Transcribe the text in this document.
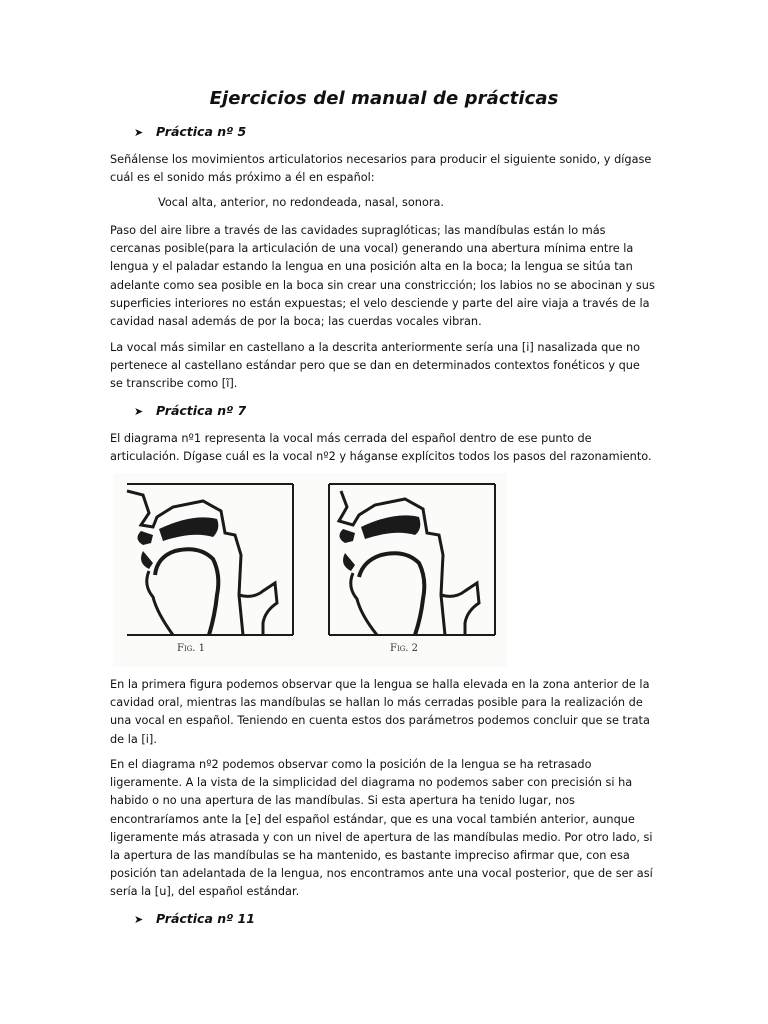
Ejercicios del manual de prácticas
➤ Práctica nº 5
Señálense los movimientos articulatorios necesarios para producir el siguiente sonido, y dígase
cuál es el sonido más próximo a él en español:
Vocal alta, anterior, no redondeada, nasal, sonora.
Paso del aire libre a través de las cavidades supraglóticas; las mandíbulas están lo más
cercanas posible(para la articulación de una vocal) generando una abertura mínima entre la
lengua y el paladar estando la lengua en una posición alta en la boca; la lengua se sitúa tan
adelante como sea posible en la boca sin crear una constricción; los labios no se abocinan y sus
superficies interiores no están expuestas; el velo desciende y parte del aire viaja a través de la
cavidad nasal además de por la boca; las cuerdas vocales vibran.
La vocal más similar en castellano a la descrita anteriormente sería una [i] nasalizada que no
pertenece al castellano estándar pero que se dan en determinados contextos fonéticos y que
se transcribe como [ĩ].
➤ Práctica nº 7
El diagrama nº1 representa la vocal más cerrada del español dentro de ese punto de
articulación. Dígase cuál es la vocal nº2 y háganse explícitos todos los pasos del razonamiento.
Fig. 1	Fig. 2
En la primera figura podemos observar que la lengua se halla elevada en la zona anterior de la
cavidad oral, mientras las mandíbulas se hallan lo más cerradas posible para la realización de
una vocal en español. Teniendo en cuenta estos dos parámetros podemos concluir que se trata
de la [i].
En el diagrama nº2 podemos observar como la posición de la lengua se ha retrasado
ligeramente. A la vista de la simplicidad del diagrama no podemos saber con precisión si ha
habido o no una apertura de las mandíbulas. Si esta apertura ha tenido lugar, nos
encontraríamos ante la [e] del español estándar, que es una vocal también anterior, aunque
ligeramente más atrasada y con un nivel de apertura de las mandíbulas medio. Por otro lado, si
la apertura de las mandíbulas se ha mantenido, es bastante impreciso afirmar que, con esa
posición tan adelantada de la lengua, nos encontramos ante una vocal posterior, que de ser así
sería la [u], del español estándar.
➤ Práctica nº 11
